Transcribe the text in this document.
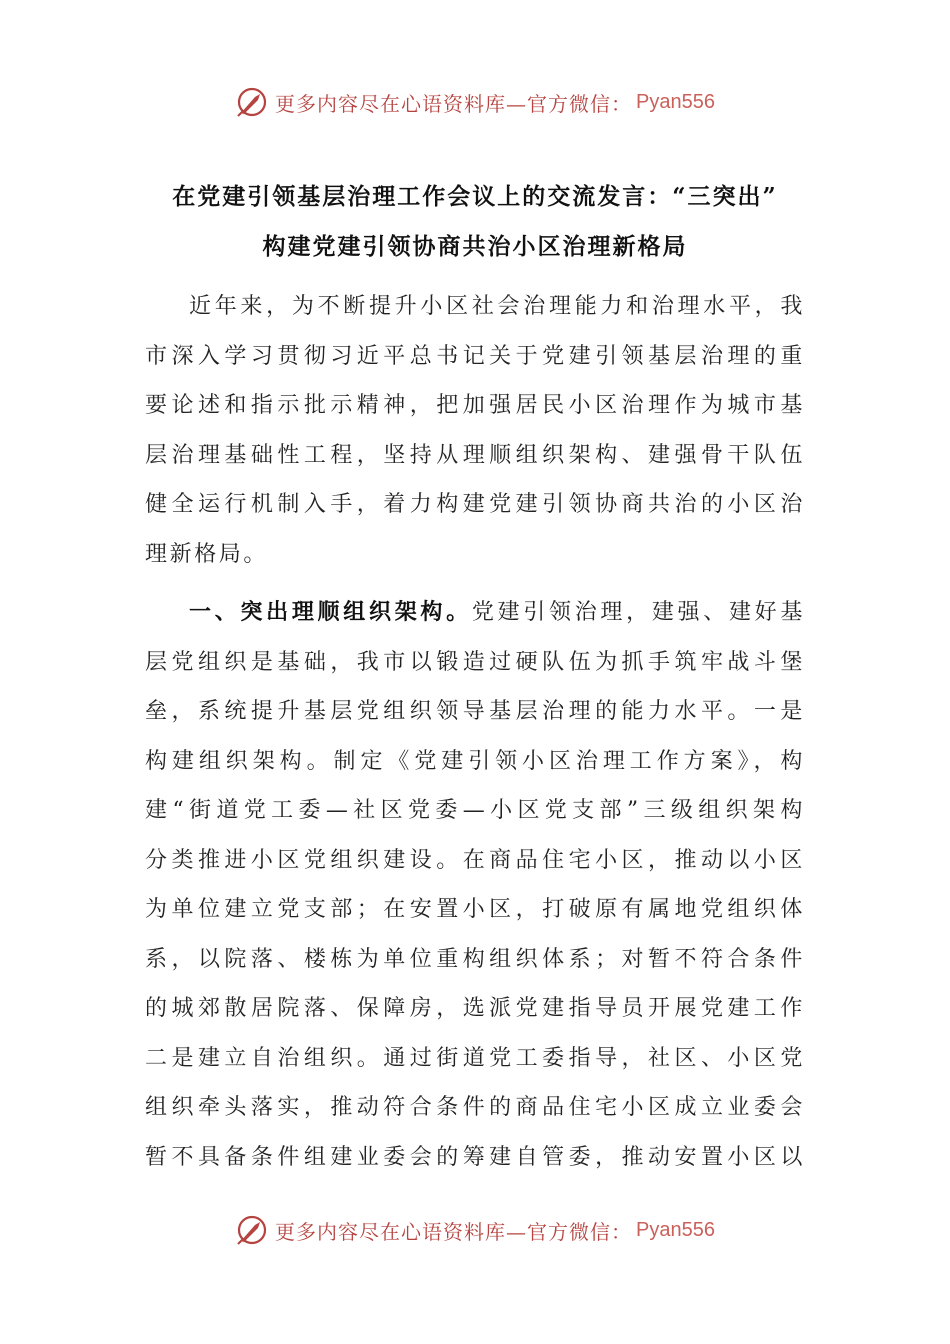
更多内容尽在心语资料库—官方微信： Pyan556
在党建引领基层治理工作会议上的交流发言：“三突出”
构建党建引领协商共治小区治理新格局
近年来，为不断提升小区社会治理能力和治理水平，我
市深入学习贯彻习近平总书记关于党建引领基层治理的重
要论述和指示批示精神，把加强居民小区治理作为城市基
层治理基础性工程，坚持从理顺组织架构、建强骨干队伍
健全运行机制入手，着力构建党建引领协商共治的小区治
理新格局。
一、突出理顺组织架构。党建引领治理，建强、建好基
层党组织是基础，我市以锻造过硬队伍为抓手筑牢战斗堡
垒，系统提升基层党组织领导基层治理的能力水平。一是
构建组织架构。制定《党建引领小区治理工作方案》，构
建“街道党工委—社区党委—小区党支部”三级组织架构
分类推进小区党组织建设。在商品住宅小区，推动以小区
为单位建立党支部；在安置小区，打破原有属地党组织体
系，以院落、楼栋为单位重构组织体系；对暂不符合条件
的城郊散居院落、保障房，选派党建指导员开展党建工作
二是建立自治组织。通过街道党工委指导，社区、小区党
组织牵头落实，推动符合条件的商品住宅小区成立业委会
暂不具备条件组建业委会的筹建自管委，推动安置小区以
更多内容尽在心语资料库—官方微信： Pyan556
